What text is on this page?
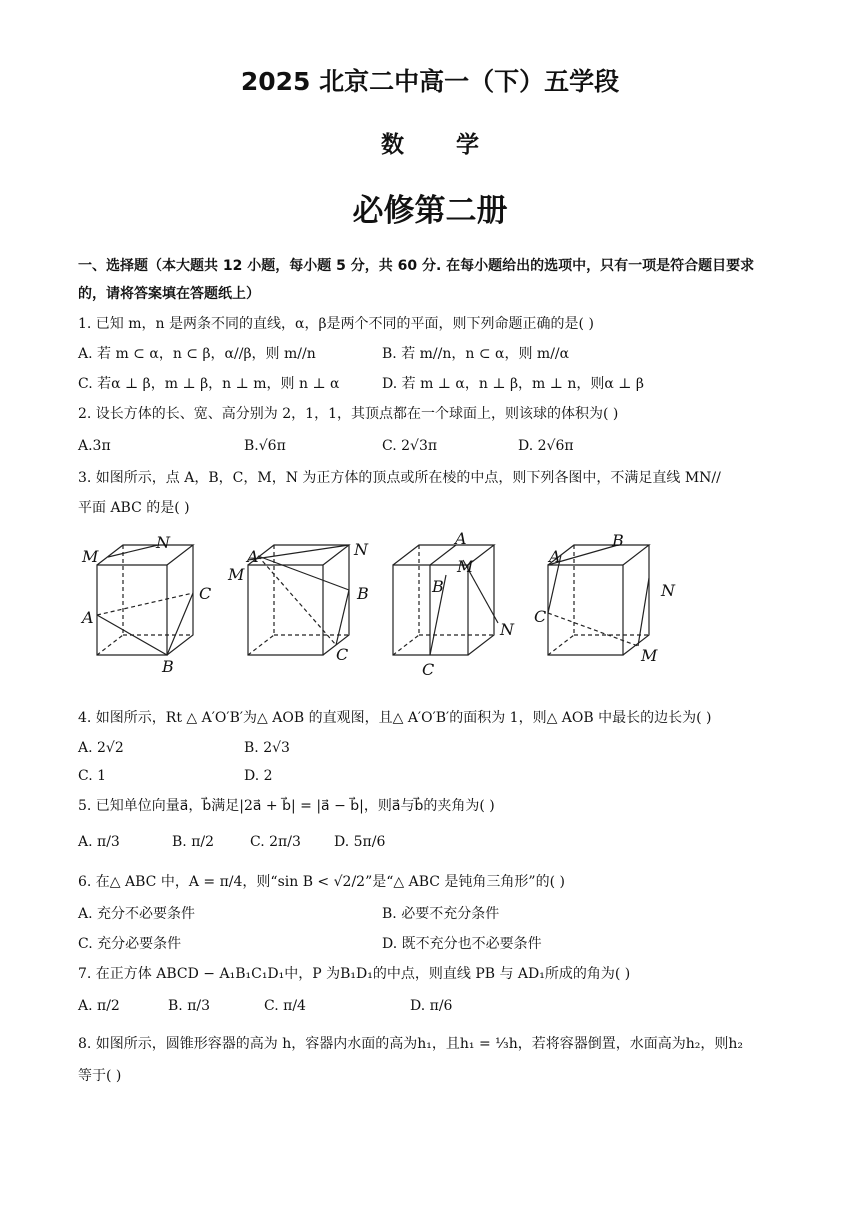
2025 北京二中高一（下）五学段
数 学
必修第二册
一、选择题（本大题共 12 小题，每小题 5 分，共 60 分. 在每小题给出的选项中，只有一项是符合题目要求
的，请将答案填在答题纸上）
1. 已知 m，n 是两条不同的直线，α，β是两个不同的平面，则下列命题正确的是( )
A. 若 m ⊂ α，n ⊂ β，α//β，则 m//n	B. 若 m//n，n ⊂ α，则 m//α
C. 若α ⊥ β，m ⊥ β，n ⊥ m，则 n ⊥ α	D. 若 m ⊥ α，n ⊥ β，m ⊥ n，则α ⊥ β
2. 设长方体的长、宽、高分别为 2，1，1，其顶点都在一个球面上，则该球的体积为( )
A.3π	B.√6π	C. 2√3π	D. 2√6π
3. 如图所示，点 A，B，C，M，N 为正方体的顶点或所在棱的中点，则下列各图中，不满足直线 MN//
平面 ABC 的是( )
M
N
C
A
B
A	N
M
B
C
A
B
M
N
C
A
B
N
C
M
4. 如图所示，Rt △ A′O′B′为△ AOB 的直观图，且△ A′O′B′的面积为 1，则△ AOB 中最长的边长为( )
A. 2√2	B. 2√3
C. 1	D. 2
5. 已知单位向量a⃗，b⃗满足|2a⃗ + b⃗| = |a⃗ − b⃗|，则a⃗与b⃗的夹角为( )
A. π/3	B. π/2	C. 2π/3 D. 5π/6
6. 在△ ABC 中，A = π/4，则“sin B < √2/2”是“△ ABC 是钝角三角形”的( )
A. 充分不必要条件	B. 必要不充分条件
C. 充分必要条件	D. 既不充分也不必要条件
7. 在正方体 ABCD − A₁B₁C₁D₁中，P 为B₁D₁的中点，则直线 PB 与 AD₁所成的角为( )
A. π/2	B. π/3	C. π/4	D. π/6
8. 如图所示，圆锥形容器的高为 h，容器内水面的高为h₁，且h₁ = ⅓h，若将容器倒置，水面高为h₂，则h₂
等于( )
